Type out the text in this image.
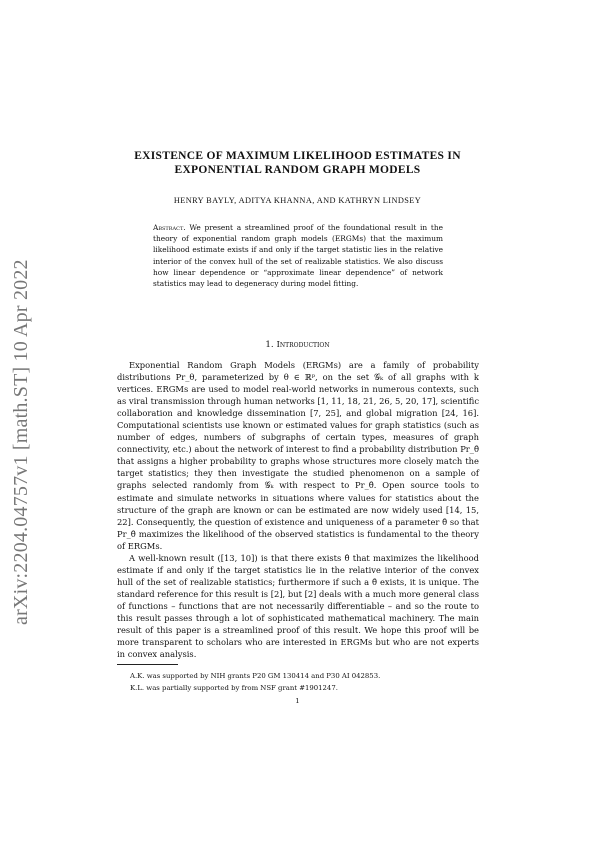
arXiv:2204.04757v1 [math.ST] 10 Apr 2022
EXISTENCE OF MAXIMUM LIKELIHOOD ESTIMATES IN
EXPONENTIAL RANDOM GRAPH MODELS
HENRY BAYLY, ADITYA KHANNA, AND KATHRYN LINDSEY
Abstract. We present a streamlined proof of the foundational result in the theory of exponential random graph models (ERGMs) that the maximum likelihood estimate exists if and only if the target statistic lies in the relative interior of the convex hull of the set of realizable statistics. We also discuss how linear dependence or “approximate linear dependence” of network statistics may lead to degeneracy during model fitting.
1. Introduction

Exponential Random Graph Models (ERGMs) are a family of probability distributions Pr_θ, parameterized by θ ∈ ℝᵖ, on the set 𝒢ₖ of all graphs with k vertices. ERGMs are used to model real-world networks in numerous contexts, such as viral transmission through human networks [1, 11, 18, 21, 26, 5, 20, 17], scientific collaboration and knowledge dissemination [7, 25], and global migration [24, 16]. Computational scientists use known or estimated values for graph statistics (such as number of edges, numbers of subgraphs of certain types, measures of graph connectivity, etc.) about the network of interest to find a probability distribution Pr_θ̂ that assigns a higher probability to graphs whose structures more closely match the target statistics; they then investigate the studied phenomenon on a sample of graphs selected randomly from 𝒢ₖ with respect to Pr_θ̂. Open source tools to estimate and simulate networks in situations where values for statistics about the structure of the graph are known or can be estimated are now widely used [14, 15, 22]. Consequently, the question of existence and uniqueness of a parameter θ̂ so that Pr_θ̂ maximizes the likelihood of the observed statistics is fundamental to the theory of ERGMs.

A well-known result ([13, 10]) is that there exists θ̂ that maximizes the likelihood estimate if and only if the target statistics lie in the relative interior of the convex hull of the set of realizable statistics; furthermore if such a θ̂ exists, it is unique. The standard reference for this result is [2], but [2] deals with a much more general class of functions – functions that are not necessarily differentiable – and so the route to this result passes through a lot of sophisticated mathematical machinery. The main result of this paper is a streamlined proof of this result. We hope this proof will be more transparent to scholars who are interested in ERGMs but who are not experts in convex analysis.

A.K. was supported by NIH grants P20 GM 130414 and P30 AI 042853.
K.L. was partially supported by from NSF grant #1901247.
1
